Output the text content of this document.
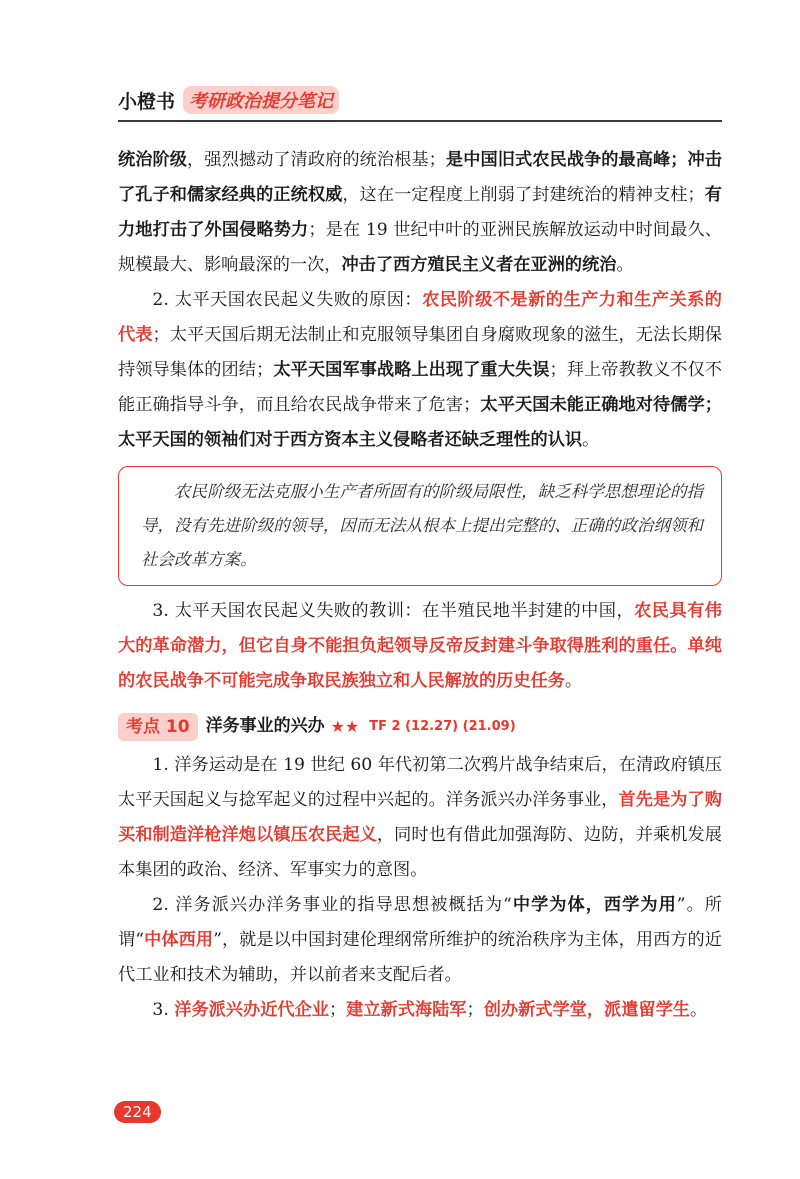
小橙书 考研政治提分笔记

统治阶级，强烈撼动了清政府的统治根基；是中国旧式农民战争的最高峰；冲击了孔子和儒家经典的正统权威，这在一定程度上削弱了封建统治的精神支柱；有力地打击了外国侵略势力；是在 19 世纪中叶的亚洲民族解放运动中时间最久、规模最大、影响最深的一次，冲击了西方殖民主义者在亚洲的统治。

2. 太平天国农民起义失败的原因：农民阶级不是新的生产力和生产关系的代表；太平天国后期无法制止和克服领导集团自身腐败现象的滋生，无法长期保持领导集体的团结；太平天国军事战略上出现了重大失误；拜上帝教教义不仅不能正确指导斗争，而且给农民战争带来了危害；太平天国未能正确地对待儒学；太平天国的领袖们对于西方资本主义侵略者还缺乏理性的认识。

农民阶级无法克服小生产者所固有的阶级局限性，缺乏科学思想理论的指导，没有先进阶级的领导，因而无法从根本上提出完整的、正确的政治纲领和社会改革方案。

3. 太平天国农民起义失败的教训：在半殖民地半封建的中国，农民具有伟大的革命潜力，但它自身不能担负起领导反帝反封建斗争取得胜利的重任。单纯的农民战争不可能完成争取民族独立和人民解放的历史任务。

考点 10 洋务事业的兴办 ★★ TF 2 (12.27) (21.09)

1. 洋务运动是在 19 世纪 60 年代初第二次鸦片战争结束后，在清政府镇压太平天国起义与捻军起义的过程中兴起的。洋务派兴办洋务事业，首先是为了购买和制造洋枪洋炮以镇压农民起义，同时也有借此加强海防、边防，并乘机发展本集团的政治、经济、军事实力的意图。

2. 洋务派兴办洋务事业的指导思想被概括为“中学为体，西学为用”。所谓“中体西用”，就是以中国封建伦理纲常所维护的统治秩序为主体，用西方的近代工业和技术为辅助，并以前者来支配后者。

3. 洋务派兴办近代企业；建立新式海陆军；创办新式学堂，派遣留学生。

224
